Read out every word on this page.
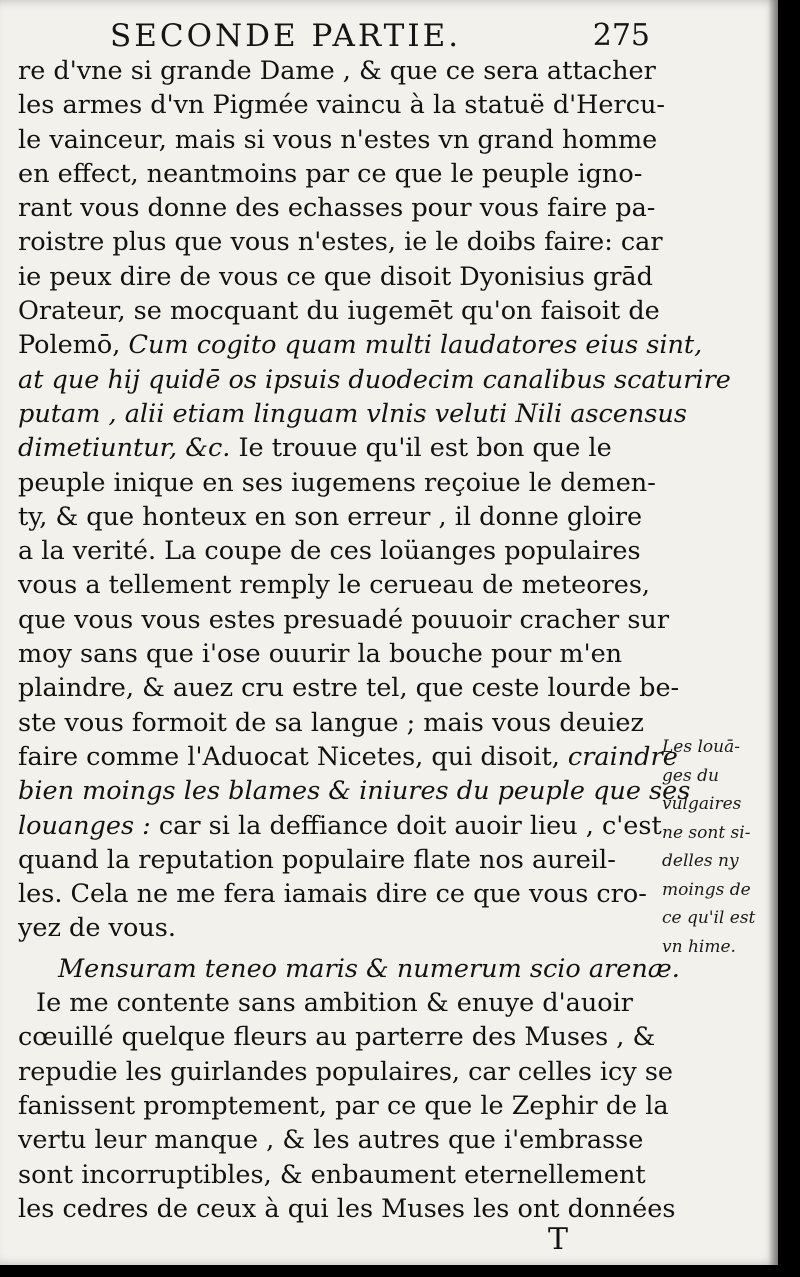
SECONDE PARTIE.	275
re d'vne si grande Dame , & que ce sera attacher
les armes d'vn Pigmée vaincu à la statuë d'Hercu-
le vainceur, mais si vous n'estes vn grand homme
en effect, neantmoins par ce que le peuple igno-
rant vous donne des echasses pour vous faire pa-
roistre plus que vous n'estes, ie le doibs faire: car
ie peux dire de vous ce que disoit Dyonisius grād
Orateur, se mocquant du iugemēt qu'on faisoit de
Polemō, Cum cogito quam multi laudatores eius sint,
at que hij quidē os ipsuis duodecim canalibus scaturire
putam , alii etiam linguam vlnis veluti Nili ascensus
dimetiuntur, &c. Ie trouue qu'il est bon que le
peuple inique en ses iugemens reçoiue le demen-
ty, & que honteux en son erreur , il donne gloire
a la verité. La coupe de ces loüanges populaires
vous a tellement remply le cerueau de meteores,
que vous vous estes presuadé pouuoir cracher sur
moy sans que i'ose ouurir la bouche pour m'en
plaindre, & auez cru estre tel, que ceste lourde be-
ste vous formoit de sa langue ; mais vous deuiez
faire comme l'Aduocat Nicetes, qui disoit, craindre
bien moings les blames & iniures du peuple que ses
louanges : car si la deffiance doit auoir lieu , c'est
quand la reputation populaire flate nos aureil-
les. Cela ne me fera iamais dire ce que vous cro-
yez de vous.
Mensuram teneo maris & numerum scio arenæ.
Ie me contente sans ambition & enuye d'auoir
cœuillé quelque fleurs au parterre des Muses , &
repudie les guirlandes populaires, car celles icy se
fanissent promptement, par ce que le Zephir de la
vertu leur manque , & les autres que i'embrasse
sont incorruptibles, & enbaument eternellement
les cedres de ceux à qui les Muses les ont données
Les louā-
ges du
vulgaires
ne sont si-
delles ny
moings de
ce qu'il est
vn hime.
T
